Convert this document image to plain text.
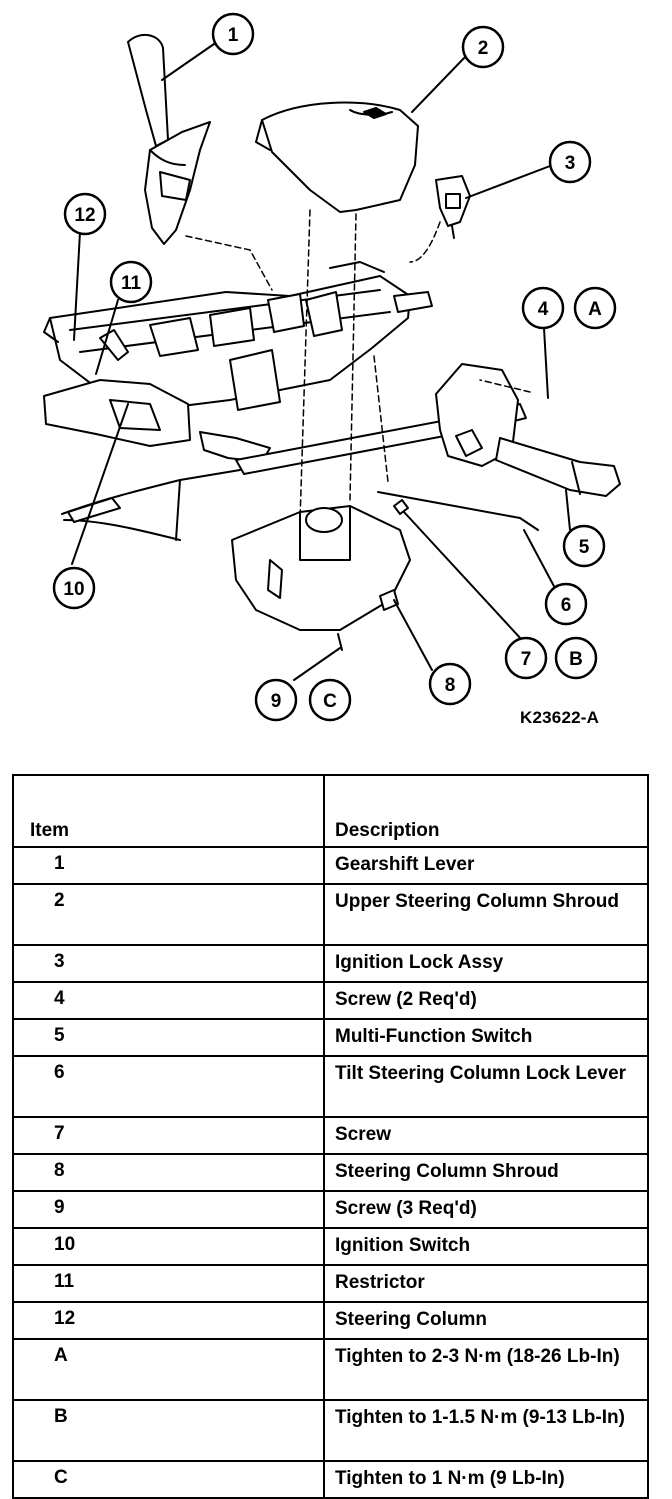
1
2
3
4 A
5
6
7 B
8
9 C
10
11
12
K23622-A
Item	Description
1	Gearshift Lever
2	Upper Steering Column Shroud
3	Ignition Lock Assy
4	Screw (2 Req'd)
5	Multi-Function Switch
6	Tilt Steering Column Lock Lever
7	Screw
8	Steering Column Shroud
9	Screw (3 Req'd)
10	Ignition Switch
11	Restrictor
12	Steering Column
A	Tighten to 2-3 N·m (18-26 Lb-In)
B	Tighten to 1-1.5 N·m (9-13 Lb-In)
C	Tighten to 1 N·m (9 Lb-In)
